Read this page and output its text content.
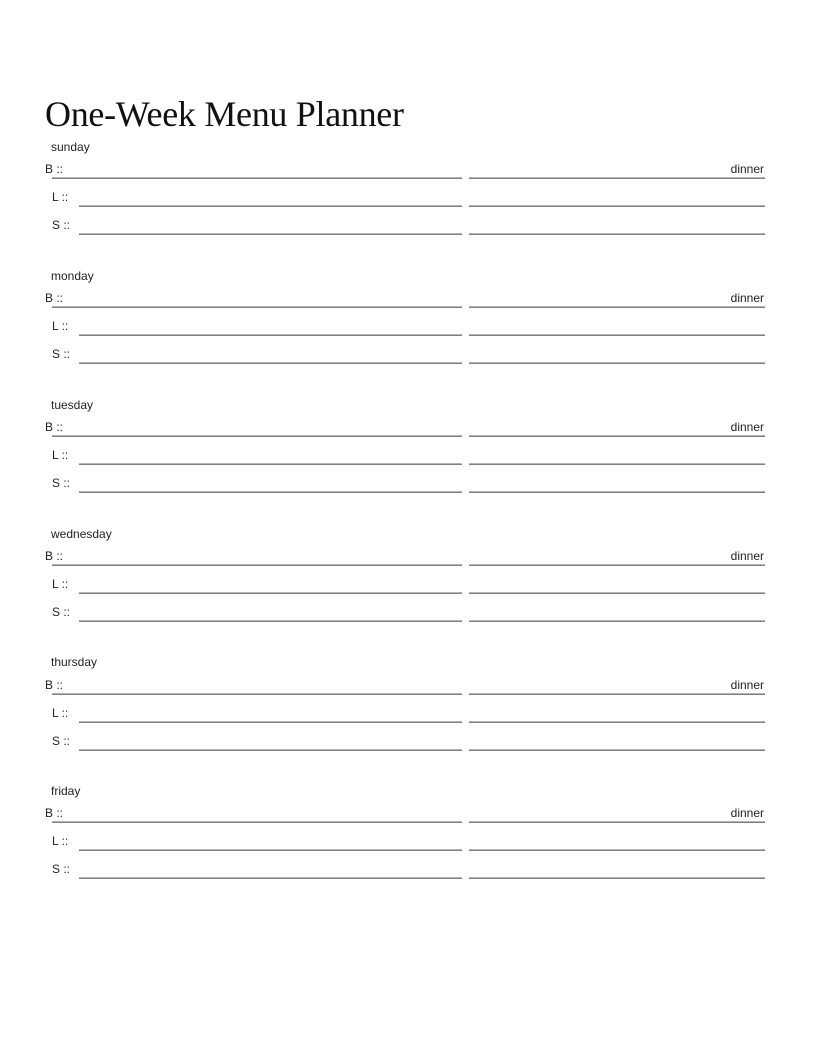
One-Week Menu Planner
sunday
B ::	dinner
L ::
S ::
monday
B ::	dinner
L ::
S ::
tuesday
B ::	dinner
L ::
S ::
wednesday
B ::	dinner
L ::
S ::
thursday
B ::	dinner
L ::
S ::
friday
B ::	dinner
L ::
S ::
